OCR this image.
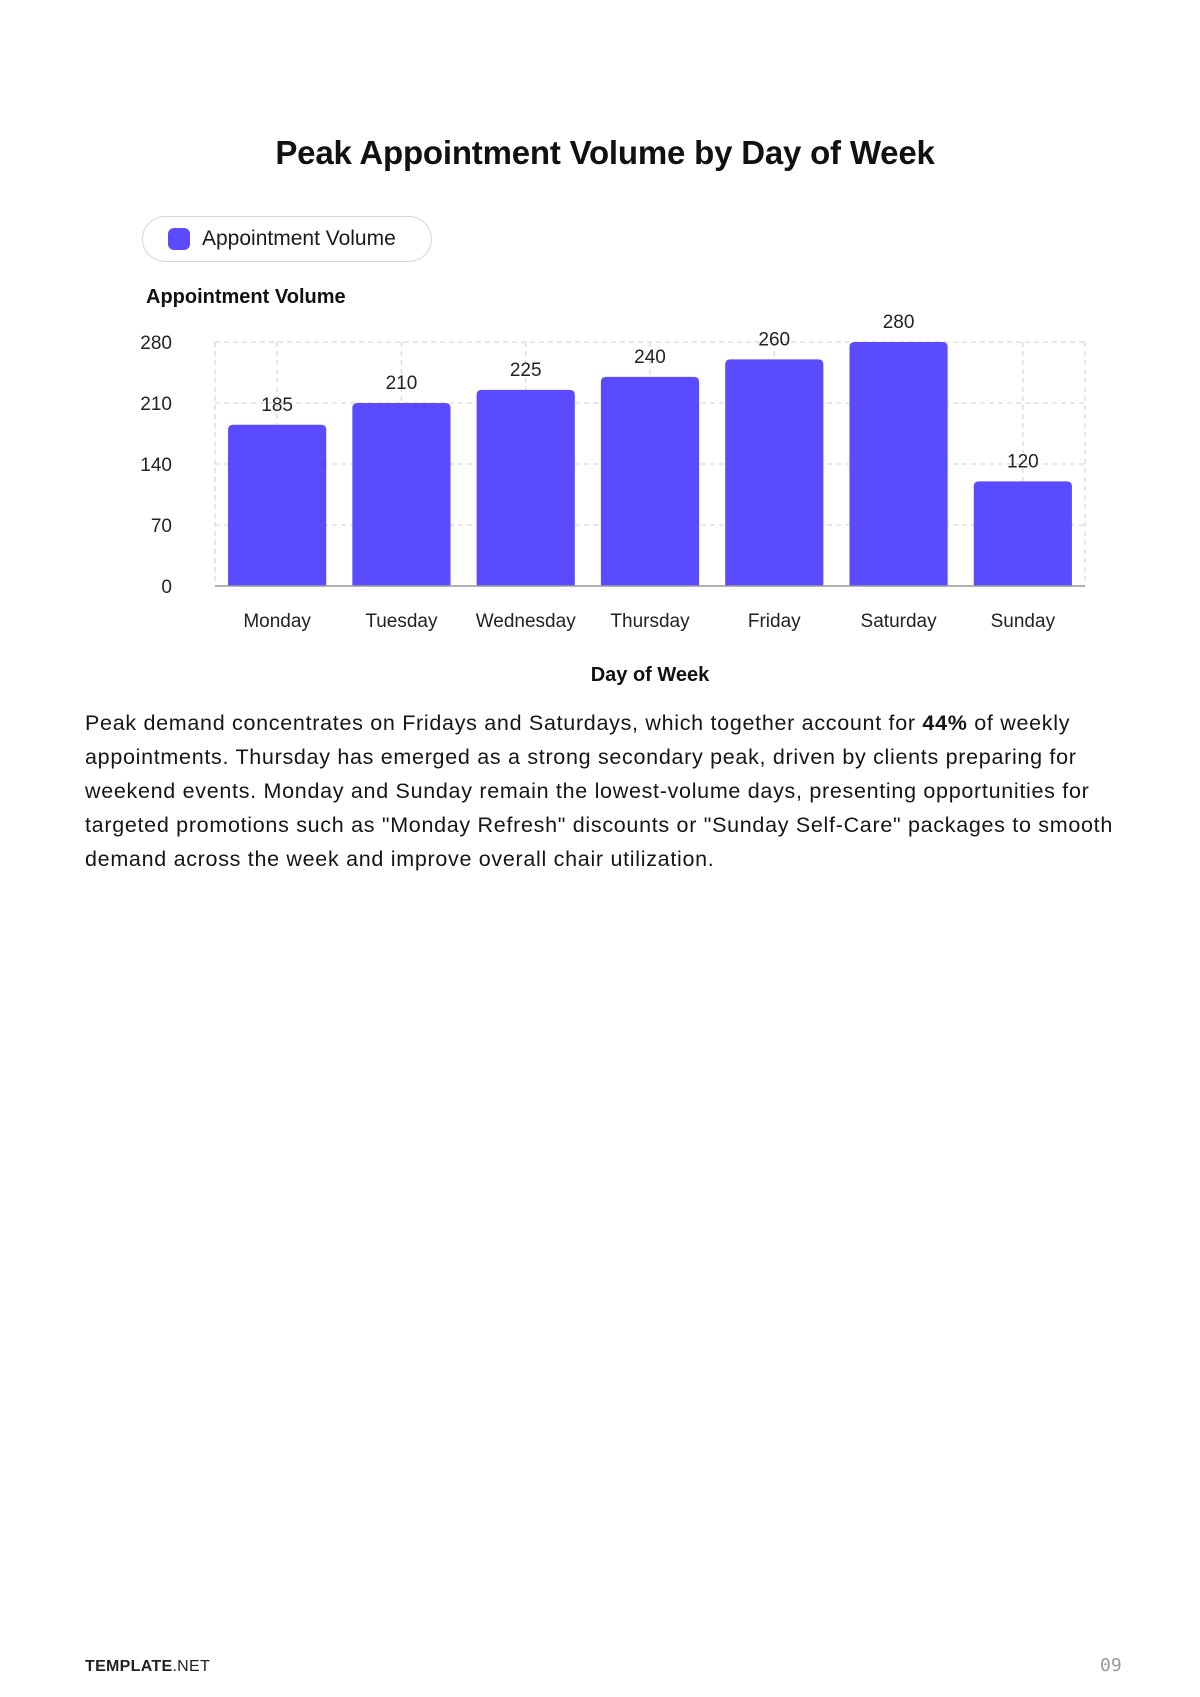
Peak Appointment Volume by Day of Week
Appointment Volume
0
70
140
210
280
185
210
225
240
260
280
120
Monday	Tuesday Wednesday Thursday	Friday	Saturday	Sunday
Appointment Volume
Day of Week

Peak demand concentrates on Fridays and Saturdays, which together account for 44% of weekly appointments. Thursday has emerged as a strong secondary peak, driven by clients preparing for weekend events. Monday and Sunday remain the lowest-volume days, presenting opportunities for targeted promotions such as "Monday Refresh" discounts or "Sunday Self-Care" packages to smooth demand across the week and improve overall chair utilization.

TEMPLATE.NET	09
